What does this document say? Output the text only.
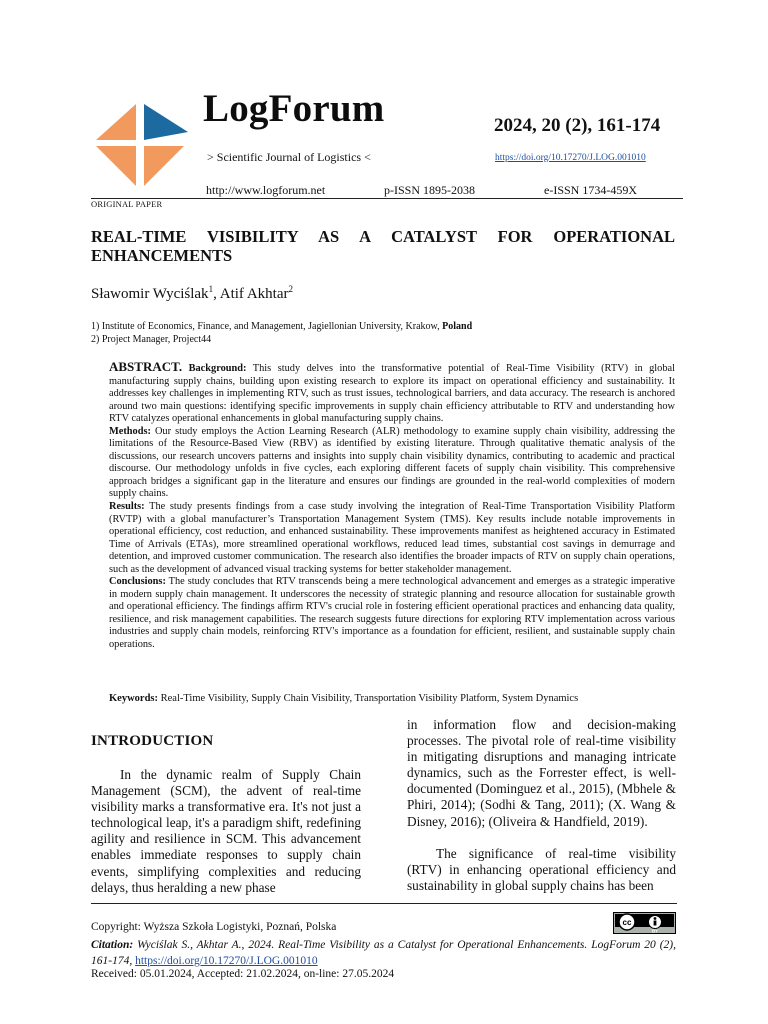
LogForum
> Scientific Journal of Logistics <
2024, 20 (2), 161-174
https://doi.org/10.17270/J.LOG.001010
http://www.logforum.net	p-ISSN 1895-2038	e-ISSN 1734-459X
ORIGINAL PAPER
REAL-TIME VISIBILITY AS A CATALYST FOR OPERATIONAL
ENHANCEMENTS
Sławomir Wyciślak$^1$, Atif Akhtar$^2$
1) Institute of Economics, Finance, and Management, Jagiellonian University, Krakow, Poland
2) Project Manager, Project44

ABSTRACT. Background: This study delves into the transformative potential of Real-Time Visibility (RTV) in global manufacturing supply chains, building upon existing research to explore its impact on operational efficiency and sustainability. It addresses key challenges in implementing RTV, such as trust issues, technological barriers, and data accuracy. The research is anchored around two main questions: identifying specific improvements in supply chain efficiency attributable to RTV and understanding how RTV catalyzes operational enhancements in global manufacturing supply chains.

Methods: Our study employs the Action Learning Research (ALR) methodology to examine supply chain visibility, addressing the limitations of the Resource-Based View (RBV) as identified by existing literature. Through qualitative thematic analysis of the discussions, our research uncovers patterns and insights into supply chain visibility dynamics, contributing to academic and practical discourse. Our methodology unfolds in five cycles, each exploring different facets of supply chain visibility. This comprehensive approach bridges a significant gap in the literature and ensures our findings are grounded in the real-world complexities of modern supply chains.

Results: The study presents findings from a case study involving the integration of Real-Time Transportation Visibility Platform (RVTP) with a global manufacturer’s Transportation Management System (TMS). Key results include notable improvements in operational efficiency, cost reduction, and enhanced sustainability. These improvements manifest as heightened accuracy in Estimated Time of Arrivals (ETAs), more streamlined operational workflows, reduced lead times, substantial cost savings in demurrage and detention, and improved customer communication. The research also identifies the broader impacts of RTV on supply chain operations, such as the development of advanced visual tracking systems for better stakeholder management.

Conclusions: The study concludes that RTV transcends being a mere technological advancement and emerges as a strategic imperative in modern supply chain management. It underscores the necessity of strategic planning and resource allocation for sustainable growth and operational efficiency. The findings affirm RTV's crucial role in fostering efficient operational practices and enhancing data quality, resilience, and risk management capabilities. The research suggests future directions for exploring RTV implementation across various industries and supply chain models, reinforcing RTV's importance as a foundation for efficient, resilient, and sustainable supply chain operations.

Keywords: Real-Time Visibility, Supply Chain Visibility, Transportation Visibility Platform, System Dynamics
INTRODUCTION

In the dynamic realm of Supply Chain Management (SCM), the advent of real-time visibility marks a transformative era. It's not just a technological leap, it's a paradigm shift, redefining agility and resilience in SCM. This advancement enables immediate responses to supply chain events, simplifying complexities and reducing delays, thus heralding a new phase

in information flow and decision-making processes. The pivotal role of real-time visibility in mitigating disruptions and managing intricate dynamics, such as the Forrester effect, is well-documented (Dominguez et al., 2015), (Mbhele & Phiri, 2014); (Sodhi & Tang, 2011); (X. Wang & Disney, 2016); (Oliveira & Handfield, 2019).

The significance of real-time visibility (RTV) in enhancing operational efficiency and sustainability in global supply chains has been

cc
BY
Copyright: Wyższa Szkoła Logistyki, Poznań, Polska
Citation: Wyciślak S., Akhtar A., 2024. Real-Time Visibility as a Catalyst for Operational Enhancements. LogForum 20 (2), 161-174, https://doi.org/10.17270/J.LOG.001010
Received: 05.01.2024, Accepted: 21.02.2024, on-line: 27.05.2024
